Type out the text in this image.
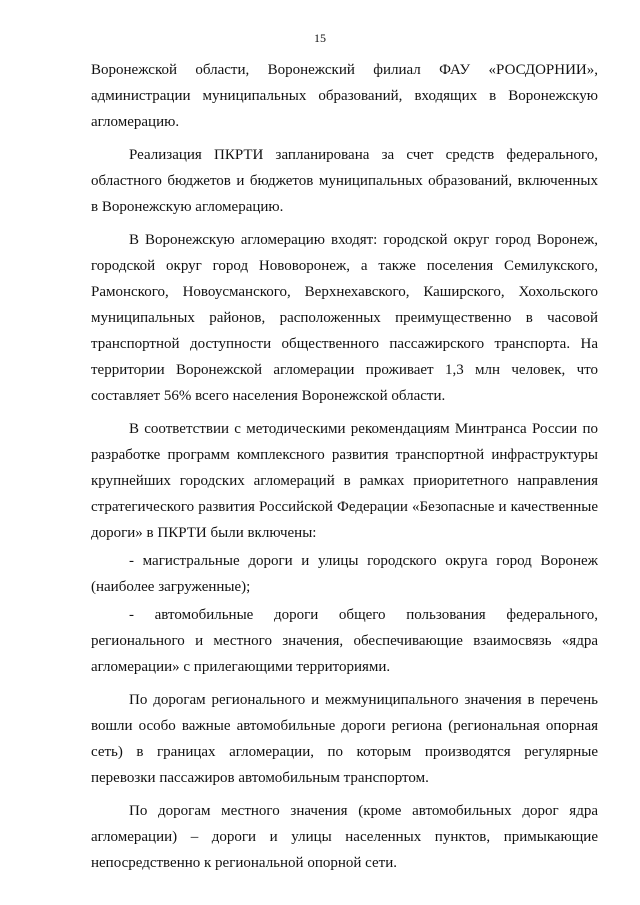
15
Воронежской области, Воронежский филиал ФАУ «РОСДОРНИИ»,
администрации муниципальных образований, входящих в Воронежскую
агломерацию.
Реализация ПКРТИ запланирована за счет средств федерального,
областного бюджетов и бюджетов муниципальных образований, включенных
в Воронежскую агломерацию.
В Воронежскую агломерацию входят: городской округ город Воронеж,
городской округ город Нововоронеж, а также поселения Семилукского,
Рамонского, Новоусманского, Верхнехавского, Каширского, Хохольского
муниципальных районов, расположенных преимущественно в часовой
транспортной доступности общественного пассажирского транспорта. На
территории Воронежской агломерации проживает 1,3 млн человек, что
составляет 56% всего населения Воронежской области.
В соответствии с методическими рекомендациям Минтранса России по
разработке программ комплексного развития транспортной инфраструктуры
крупнейших городских агломераций в рамках приоритетного направления
стратегического развития Российской Федерации «Безопасные и качественные
дороги» в ПКРТИ были включены:
- магистральные дороги и улицы городского округа город Воронеж
(наиболее загруженные);
- автомобильные дороги общего пользования федерального,
регионального и местного значения, обеспечивающие взаимосвязь «ядра
агломерации» с прилегающими территориями.
По дорогам регионального и межмуниципального значения в перечень
вошли особо важные автомобильные дороги региона (региональная опорная
сеть) в границах агломерации, по которым производятся регулярные
перевозки пассажиров автомобильным транспортом.
По дорогам местного значения (кроме автомобильных дорог ядра
агломерации) – дороги и улицы населенных пунктов, примыкающие
непосредственно к региональной опорной сети.
